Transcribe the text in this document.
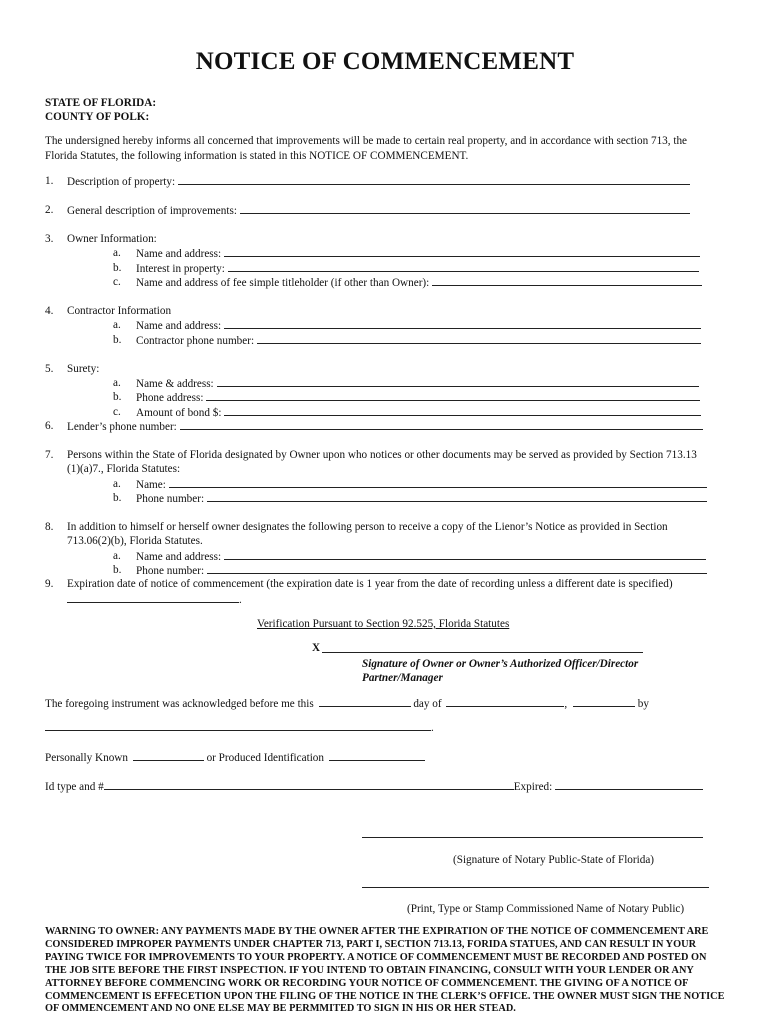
NOTICE OF COMMENCEMENT
STATE OF FLORIDA:
COUNTY OF POLK:
The undersigned hereby informs all concerned that improvements will be made to certain real property, and in accordance with section 713, the Florida Statutes, the following information is stated in this NOTICE OF COMMENCEMENT.
1. Description of property:
2. General description of improvements:
3. Owner Information:
a. Name and address:
b. Interest in property:
c. Name and address of fee simple titleholder (if other than Owner):
4. Contractor Information
a. Name and address:
b. Contractor phone number:
5. Surety:
a. Name & address:
b. Phone address:
c. Amount of bond $:
6. Lender’s phone number:
7. Persons within the State of Florida designated by Owner upon who notices or other documents may be served as provided by Section 713.13
(1)(a)7., Florida Statutes:
a. Name:
b. Phone number:
8. In addition to himself or herself owner designates the following person to receive a copy of the Lienor’s Notice as provided in Section
713.06(2)(b), Florida Statutes.
a. Name and address:
b. Phone number:
9. Expiration date of notice of commencement (the expiration date is 1 year from the date of recording unless a different date is specified)
.
Verification Pursuant to Section 92.525, Florida Statutes
X
Signature of Owner or Owner’s Authorized Officer/Director
Partner/Manager
The foregoing instrument was acknowledged before me this	day of	,	by
.
Personally Known	or Produced Identification
Id type and #	Expired:
(Signature of Notary Public-State of Florida)
(Print, Type or Stamp Commissioned Name of Notary Public)
WARNING TO OWNER: ANY PAYMENTS MADE BY THE OWNER AFTER THE EXPIRATION OF THE NOTICE OF COMMENCEMENT ARE CONSIDERED IMPROPER PAYMENTS UNDER CHAPTER 713, PART I, SECTION 713.13, FORIDA STATUES, AND CAN RESULT IN YOUR PAYING TWICE FOR IMPROVEMENTS TO YOUR PROPERTY. A NOTICE OF COMMENCEMENT MUST BE RECORDED AND POSTED ON THE JOB SITE BEFORE THE FIRST INSPECTION. IF YOU INTEND TO OBTAIN FINANCING, CONSULT WITH YOUR LENDER OR ANY ATTORNEY BEFORE COMMENCING WORK OR RECORDING YOUR NOTICE OF COMMENCEMENT. THE GIVING OF A NOTICE OF COMMENCEMENT IS EFFECETION UPON THE FILING OF THE NOTICE IN THE CLERK’S OFFICE. THE OWNER MUST SIGN THE NOTICE OF OMMENCEMENT AND NO ONE ELSE MAY BE PERMMITED TO SIGN IN HIS OR HER STEAD.
